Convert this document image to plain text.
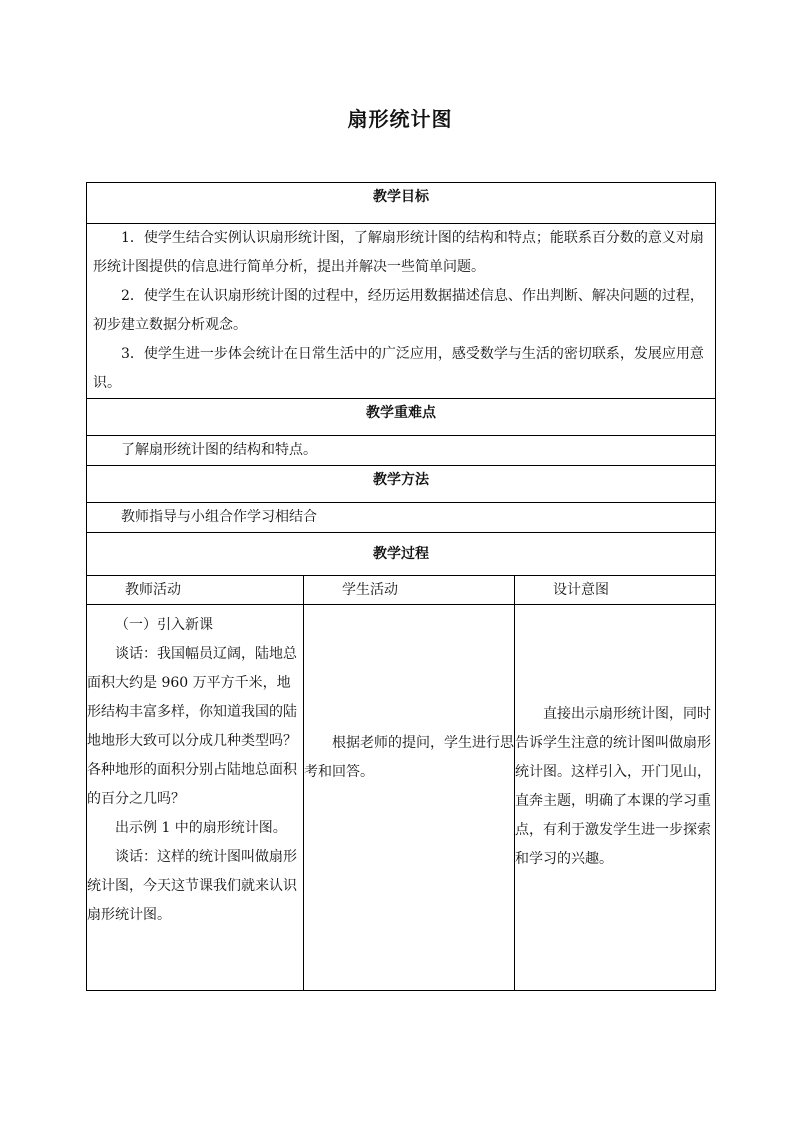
扇形统计图
教学目标		

1．使学生结合实例认识扇形统计图，了解扇形统计图的结构和特点；能联系百分数的意义对扇形统计图提供的信息进行简单分析，提出并解决一些简单问题。

2．使学生在认识扇形统计图的过程中，经历运用数据描述信息、作出判断、解决问题的过程，初步建立数据分析观念。

3．使学生进一步体会统计在日常生活中的广泛应用，感受数学与生活的密切联系，发展应用意识。		

教学重难点		

了解扇形统计图的结构和特点。		

教学方法		

教师指导与小组合作学习相结合		

教学过程		
教师活动	学生活动	设计意图

（一）引入新课

谈话：我国幅员辽阔，陆地总面积大约是 960 万平方千米，地形结构丰富多样，你知道我国的陆地地形大致可以分成几种类型吗？各种地形的面积分别占陆地总面积的百分之几吗？

出示例 1 中的扇形统计图。

谈话：这样的统计图叫做扇形统计图，今天这节课我们就来认识扇形统计图。	根据老师的提问，学生进行思考和回答。	直接出示扇形统计图，同时告诉学生注意的统计图叫做扇形统计图。这样引入，开门见山，直奔主题，明确了本课的学习重点，有利于激发学生进一步探索和学习的兴趣。
